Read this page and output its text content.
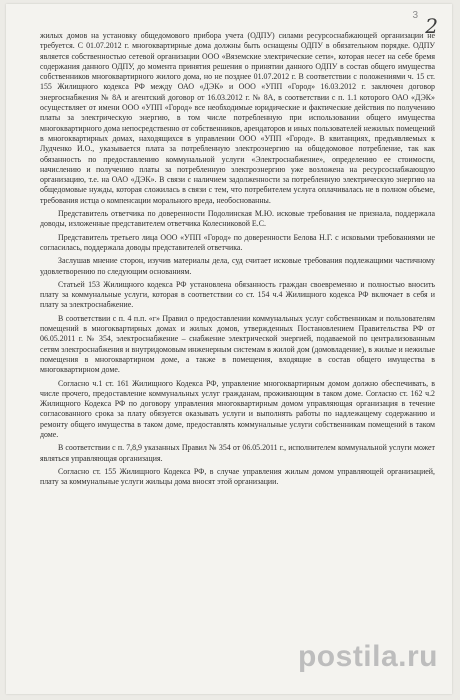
3 2

жилых домов на установку общедомового прибора учета (ОДПУ) силами ресурсоснабжающей организации не требуется. С 01.07.2012 г. многоквартирные дома должны быть оснащены ОДПУ в обязательном порядке. ОДПУ является собственностью сетевой организации ООО «Вяземские электрические сети», которая несет на себе бремя содержания данного ОДПУ, до момента принятия решения о принятии данного ОДПУ в состав общего имущества собственников многоквартирного жилого дома, но не позднее 01.07.2012 г. В соответствии с положениями ч. 15 ст. 155 Жилищного кодекса РФ между ОАО «ДЭК» и ООО «УПП «Город» 16.03.2012 г. заключен договор энергоснабжения № 8А и агентский договор от 16.03.2012 г. № 8А, в соответствии с п. 1.1 которого ОАО «ДЭК» осуществляет от имени ООО «УПП «Город» все необходимые юридические и фактические действия по получению платы за электрическую энергию, в том числе потребленную при использовании общего имущества многоквартирного дома непосредственно от собственников, арендаторов и иных пользователей нежилых помещений в многоквартирных домах, находящихся в управлении ООО «УПП «Город». В квитанциях, предъявляемых к Лудченко И.О., указывается плата за потребленную электроэнергию на общедомовое потребление, так как обязанность по предоставлению коммунальной услуги «Электроснабжение», определению ее стоимости, начислению и получению платы за потребленную электроэнергию уже возложена на ресурсоснабжающую организацию, т.е. на ОАО «ДЭК». В связи с наличием задолженности за потребленную электрическую энергию на общедомовые нужды, которая сложилась в связи с тем, что потребителем услуга оплачивалась не в полном объеме, требования истца о компенсации морального вреда, необоснованны.

Представитель ответчика по доверенности Подолинская М.Ю. исковые требования не признала, поддержала доводы, изложенные представителем ответчика Колесниковой Е.С.

Представитель третьего лица ООО «УПП «Город» по доверенности Белова Н.Г. с исковыми требованиями не согласилась, поддержала доводы представителей ответчика.

Заслушав мнение сторон, изучив материалы дела, суд считает исковые требования подлежащими частичному удовлетворению по следующим основаниям.

Статьей 153 Жилищного кодекса РФ установлена обязанность граждан своевременно и полностью вносить плату за коммунальные услуги, которая в соответствии со ст. 154 ч.4 Жилищного кодекса РФ включает в себя и плату за электроснабжение.

В соответствии с п. 4 п.п. «г» Правил о предоставлении коммунальных услуг собственникам и пользователям помещений в многоквартирных домах и жилых домов, утвержденных Постановлением Правительства РФ от 06.05.2011 г. № 354, электроснабжение – снабжение электрической энергией, подаваемой по централизованным сетям электроснабжения и внутридомовым инженерным системам в жилой дом (домовладение), в жилые и нежилые помещения в многоквартирном доме, а также в помещения, входящие в состав общего имущества в многоквартирном доме.

Согласно ч.1 ст. 161 Жилищного Кодекса РФ, управление многоквартирным домом должно обеспечивать, в числе прочего, предоставление коммунальных услуг гражданам, проживающим в таком доме. Согласно ст. 162 ч.2 Жилищного Кодекса РФ по договору управления многоквартирным домом управляющая организация в течение согласованного срока за плату обязуется оказывать услуги и выполнять работы по надлежащему содержанию и ремонту общего имущества в таком доме, предоставлять коммунальные услуги собственникам помещений в таком доме.

В соответствии с п. 7,8,9 указанных Правил № 354 от 06.05.2011 г., исполнителем коммунальной услуги может являться управляющая организация.

Согласно ст. 155 Жилищного Кодекса РФ, в случае управления жилым домом управляющей организацией, плату за коммунальные услуги жильцы дома вносят этой организации.

postila.ru
